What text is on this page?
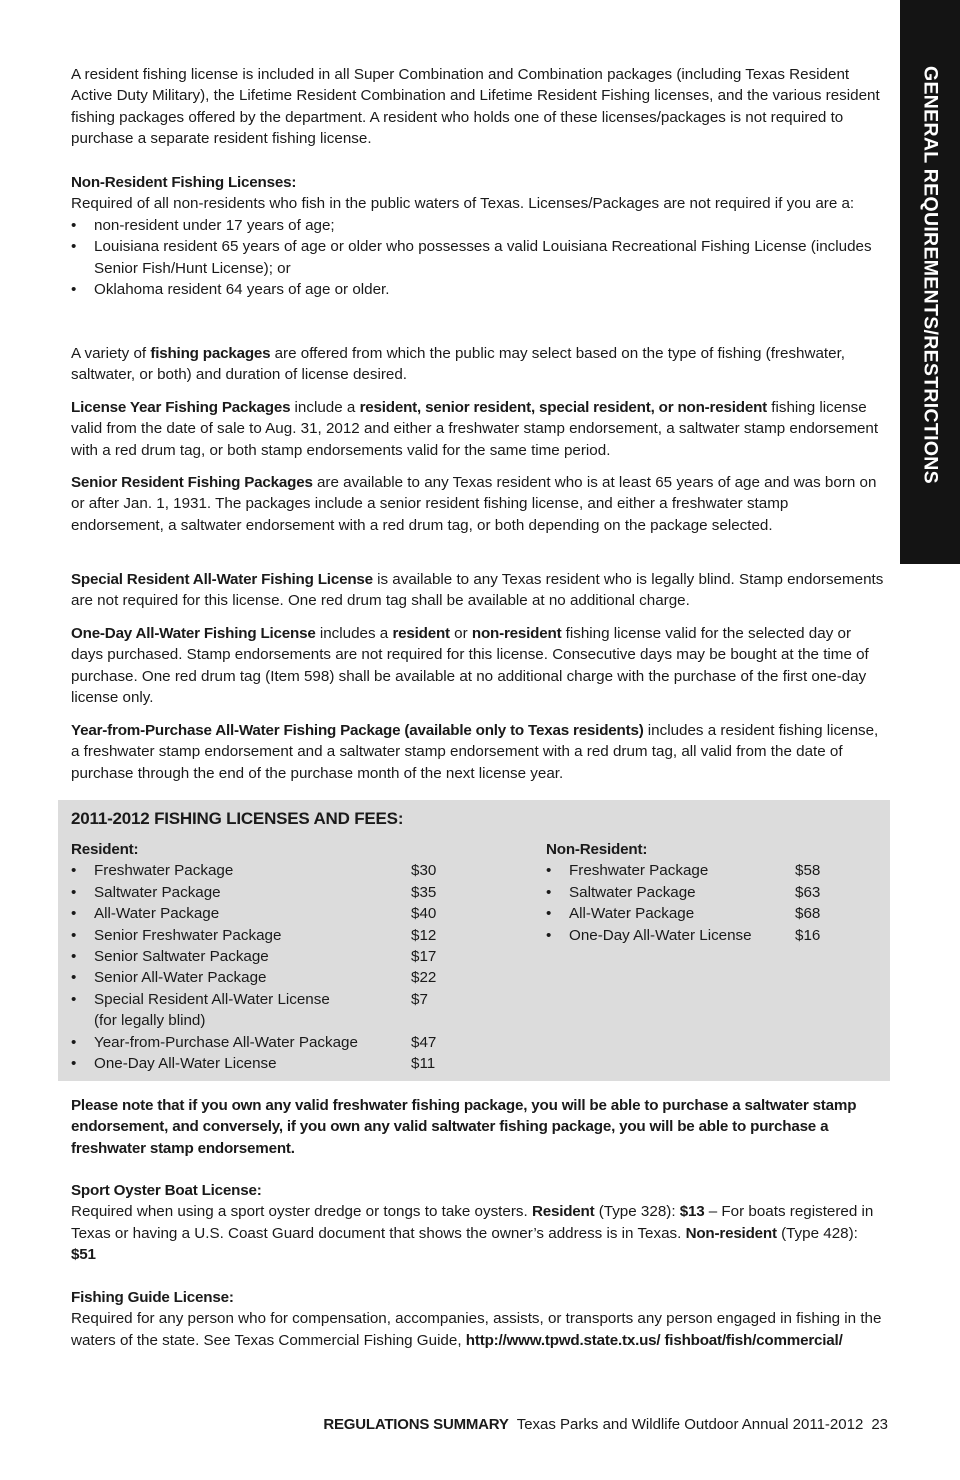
GENERAL REQUIREMENTS/RESTRICTIONS

A resident fishing license is included in all Super Combination and Combination packages (including Texas Resident Active Duty Military), the Lifetime Resident Combination and Lifetime Resident Fishing licenses, and the various resident fishing packages offered by the department. A resident who holds one of these licenses/packages is not required to purchase a separate resident fishing license.

Non-Resident Fishing Licenses:

Required of all non-residents who fish in the public waters of Texas. Licenses/Packages are not required if you are a:

• non-resident under 17 years of age;
• Louisiana resident 65 years of age or older who possesses a valid Louisiana Recreational Fishing License (includes Senior Fish/Hunt License); or
• Oklahoma resident 64 years of age or older.

A variety of fishing packages are offered from which the public may select based on the type of fishing (freshwater, saltwater, or both) and duration of license desired.

License Year Fishing Packages include a resident, senior resident, special resident, or non-resident fishing license valid from the date of sale to Aug. 31, 2012 and either a freshwater stamp endorsement, a saltwater stamp endorsement with a red drum tag, or both stamp endorsements valid for the same time period.

Senior Resident Fishing Packages are available to any Texas resident who is at least 65 years of age and was born on or after Jan. 1, 1931. The packages include a senior resident fishing license, and either a freshwater stamp endorsement, a saltwater endorsement with a red drum tag, or both depending on the package selected.

Special Resident All-Water Fishing License is available to any Texas resident who is legally blind. Stamp endorsements are not required for this license. One red drum tag shall be available at no additional charge.

One-Day All-Water Fishing License includes a resident or non-resident fishing license valid for the selected day or days purchased. Stamp endorsements are not required for this license. Consecutive days may be bought at the time of purchase. One red drum tag (Item 598) shall be available at no additional charge with the purchase of the first one-day license only.

Year-from-Purchase All-Water Fishing Package (available only to Texas residents) includes a resident fishing license, a freshwater stamp endorsement and a saltwater stamp endorsement with a red drum tag, all valid from the date of purchase through the end of the purchase month of the next license year.

2011-2012 FISHING LICENSES AND FEES:
Resident:
• Freshwater Package	$30
• Saltwater Package	$35
• All-Water Package	$40
• Senior Freshwater Package	$12
• Senior Saltwater Package	$17
• Senior All-Water Package	$22
• Special Resident All-Water License	$7
(for legally blind)
• Year-from-Purchase All-Water Package	$47
• One-Day All-Water License	$11
Non-Resident:
• Freshwater Package	$58
• Saltwater Package	$63
• All-Water Package	$68
• One-Day All-Water License	$16

Please note that if you own any valid freshwater fishing package, you will be able to purchase a saltwater stamp endorsement, and conversely, if you own any valid saltwater fishing package, you will be able to purchase a freshwater stamp endorsement.

Sport Oyster Boat License:

Required when using a sport oyster dredge or tongs to take oysters. Resident (Type 328): $13 – For boats registered in Texas or having a U.S. Coast Guard document that shows the owner’s address is in Texas. Non-resident (Type 428): $51

Fishing Guide License:

Required for any person who for compensation, accompanies, assists, or transports any person engaged in fishing in the waters of the state. See Texas Commercial Fishing Guide, http://www.tpwd.state.tx.us/ fishboat/fish/commercial/

REGULATIONS SUMMARY Texas Parks and Wildlife Outdoor Annual 2011-2012 23
